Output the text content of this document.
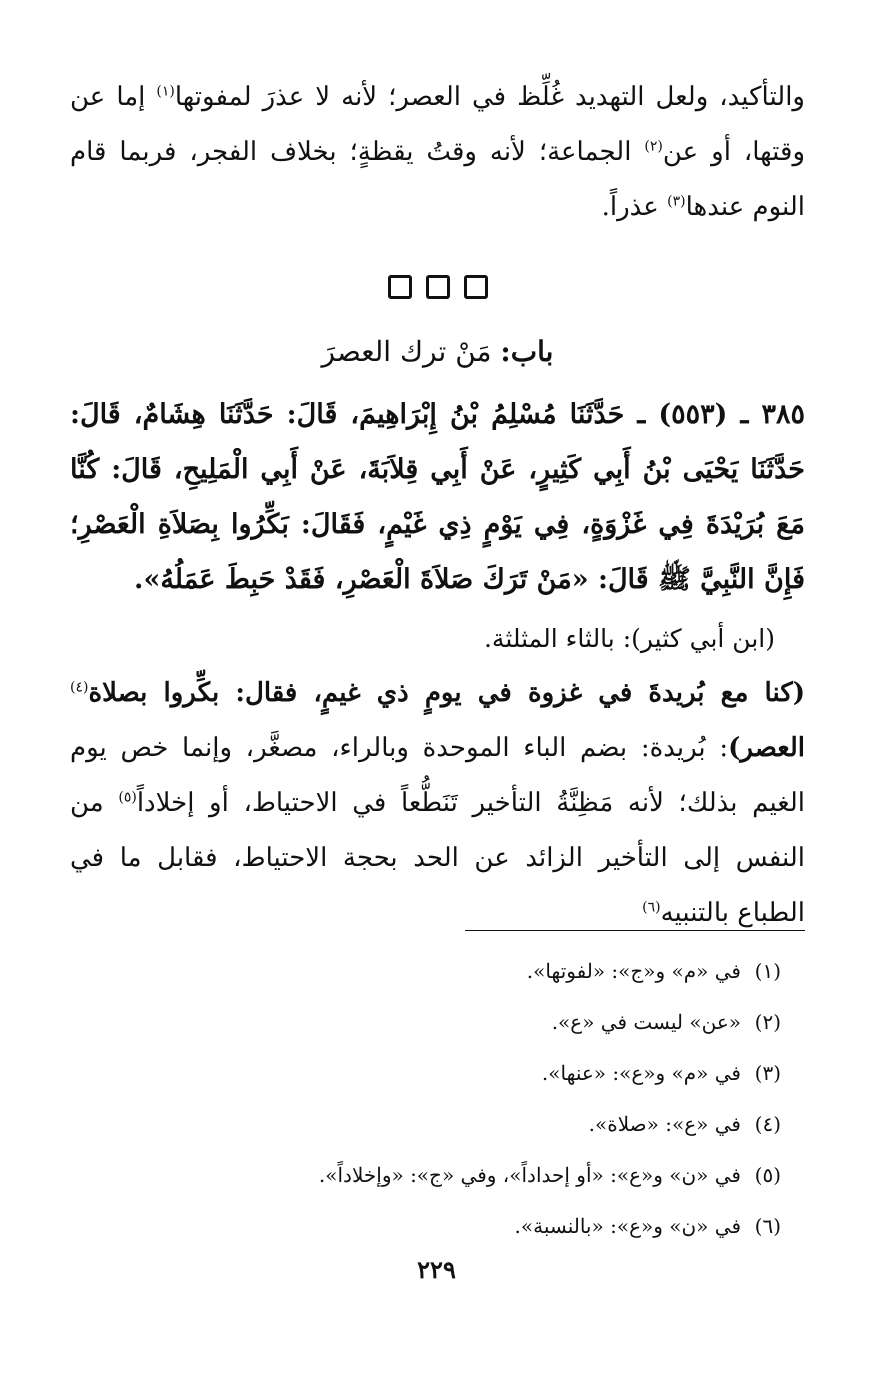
والتأكيد، ولعل التهديد غُلِّظ في العصر؛ لأنه لا عذرَ لمفوتها$^{(١)}$ إما عن وقتها، أو عن$^{(٢)}$ الجماعة؛ لأنه وقتُ يقظةٍ؛ بخلاف الفجر، فربما قام النوم عندها$^{(٣)}$ عذراً.

باب: مَنْ ترك العصرَ

٣٨٥ ـ (٥٥٣) ـ حَدَّثَنَا مُسْلِمُ بْنُ إِبْرَاهِيمَ، قَالَ: حَدَّثَنَا هِشَامٌ، قَالَ: حَدَّثَنَا يَحْيَى بْنُ أَبِي كَثِيرٍ، عَنْ أَبِي قِلاَبَةَ، عَنْ أَبِي الْمَلِيحِ، قَالَ: كُنَّا مَعَ بُرَيْدَةَ فِي غَزْوَةٍ، فِي يَوْمٍ ذِي غَيْمٍ، فَقَالَ: بَكِّرُوا بِصَلاَةِ الْعَصْرِ؛ فَإِنَّ النَّبِيَّ ﷺ قَالَ: «مَنْ تَرَكَ صَلاَةَ الْعَصْرِ، فَقَدْ حَبِطَ عَمَلُهُ».

(ابن أبي كثير): بالثاء المثلثة.

(كنا مع بُريدةَ في غزوة في يومٍ ذي غيمٍ، فقال: بكِّروا بصلاة$^{(٤)}$ العصر): بُريدة: بضم الباء الموحدة وبالراء، مصغَّر، وإنما خص يوم الغيم بذلك؛ لأنه مَظِنَّةُ التأخير تَنَطُّعاً في الاحتياط، أو إخلاداً$^{(٥)}$ من النفس إلى التأخير الزائد عن الحد بحجة الاحتياط، فقابل ما في الطباع بالتنبيه$^{(٦)}$

(١)في «م» و«ج»: «لفوتها».
(٢)«عن» ليست في «ع».
(٣)في «م» و«ع»: «عنها».
(٤)في «ع»: «صلاة».
(٥)في «ن» و«ع»: «أو إحداداً»، وفي «ج»: «وإخلاداً».
(٦)في «ن» و«ع»: «بالنسبة».
٢٢٩
